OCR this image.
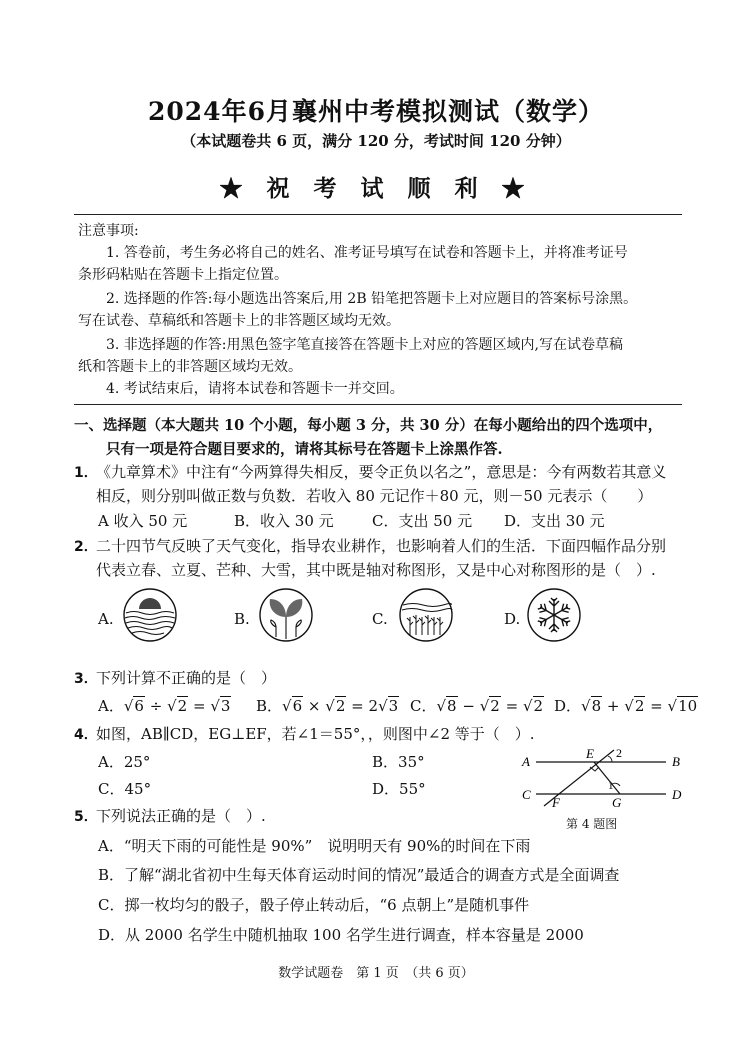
2024年6月襄州中考模拟测试（数学）
（本试题卷共 6 页，满分 120 分，考试时间 120 分钟）
★ 祝 考 试 顺 利 ★
注意事项:
1. 答卷前，考生务必将自己的姓名、准考证号填写在试卷和答题卡上，并将准考证号
条形码粘贴在答题卡上指定位置。
2. 选择题的作答:每小题选出答案后,用 2B 铅笔把答题卡上对应题目的答案标号涂黑。
写在试卷、草稿纸和答题卡上的非答题区域均无效。
3. 非选择题的作答:用黑色签字笔直接答在答题卡上对应的答题区域内,写在试卷草稿
纸和答题卡上的非答题区域均无效。
4. 考试结束后，请将本试卷和答题卡一并交回。
一、选择题（本大题共 10 个小题，每小题 3 分，共 30 分）在每小题给出的四个选项中，
只有一项是符合题目要求的，请将其标号在答题卡上涂黑作答.
1．
《九章算术》中注有“今两算得失相反，要令正负以名之”，意思是：今有两数若其意义
相反，则分别叫做正数与负数．若收入 80 元记作＋80 元，则－50 元表示（　　）
A 收入 50 元	B．收入 30 元	C．支出 50 元 D．支出 30 元
2．
二十四节气反映了天气变化，指导农业耕作，也影响着人们的生活．下面四幅作品分别
代表立春、立夏、芒种、大雪，其中既是轴对称图形，又是中心对称图形的是（　）.
A.	B.	C.	D.
3．
下列计算不正确的是（　）
A．√6 ÷ √2 = √3 B．√6 × √2 = 2√3 C．√8 − √2 = √2 D．√8 + √2 = √10
4．
如图，AB∥CD，EG⊥EF，若∠1＝55°，，则图中∠2 等于（　）.
A．25°	B．35°
C．45°	D．55°
A	B
C	D
E
F	G
2
1
第 4 题图
5．
下列说法正确的是（　）.
A．“明天下雨的可能性是 90%”　说明明天有 90%的时间在下雨
B．了解“湖北省初中生每天体育运动时间的情况”最适合的调查方式是全面调查
C．掷一枚均匀的骰子，骰子停止转动后，“6 点朝上”是随机事件
D．从 2000 名学生中随机抽取 100 名学生进行调查，样本容量是 2000
数学试题卷　第 1 页　（共 6 页）
